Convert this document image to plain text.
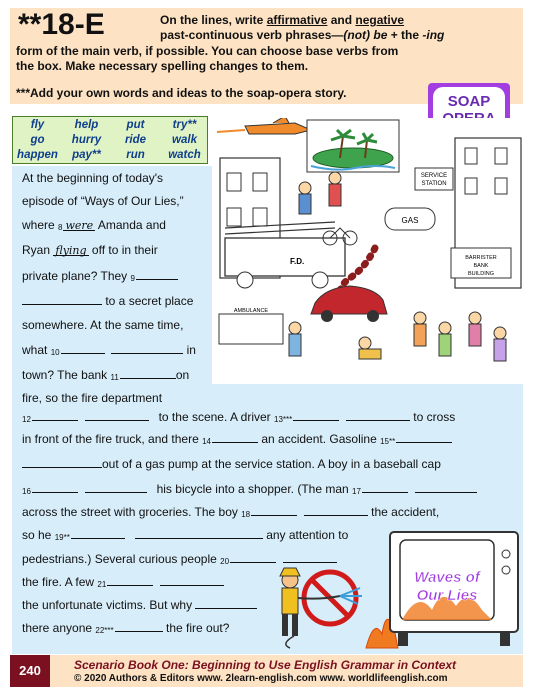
**18-E	On the lines, write affirmative and negative
past-continuous verb phrases—(not) be + the -ing
form of the main verb, if possible. You can choose base verbs from
the box. Make necessary spelling changes to them.
***Add your own words and ideas to the soap-opera story.	SOAP
fly	help	put	try**
go	hurry	ride	walk
happen	pay**	run	watch
SERVICE
STATION
GAS
F.D.	BARRISTER
BANK
BUILDING
AMBULANCE
At the beginning of today's
episode of “Ways of Our Lies,”
where 8 were Amanda and
Ryan flying off to in their
private plane? They 9
to a secret place
somewhere. At the same time,
what 10	in
town? The bank 11	on
fire, so the fire department
12	to the scene. A driver 13***	to cross
in front of the fire truck, and there 14	an accident. Gasoline 15**
out of a gas pump at the service station. A boy in a baseball cap
16	his bicycle into a shopper. (The man 17
across the street with groceries. The boy 18	the accident,
so he 19**	any attention to
pedestrians.) Several curious people 20
the fire. A few 21
the unfortunate victims. But why
there anyone 22***	the fire out?
Waves of
Our Lies
240	Scenario Book One: Beginning to Use English Grammar in Context
© 2020 Authors & Editors www. 2learn-english.com www. worldlifeenglish.com
